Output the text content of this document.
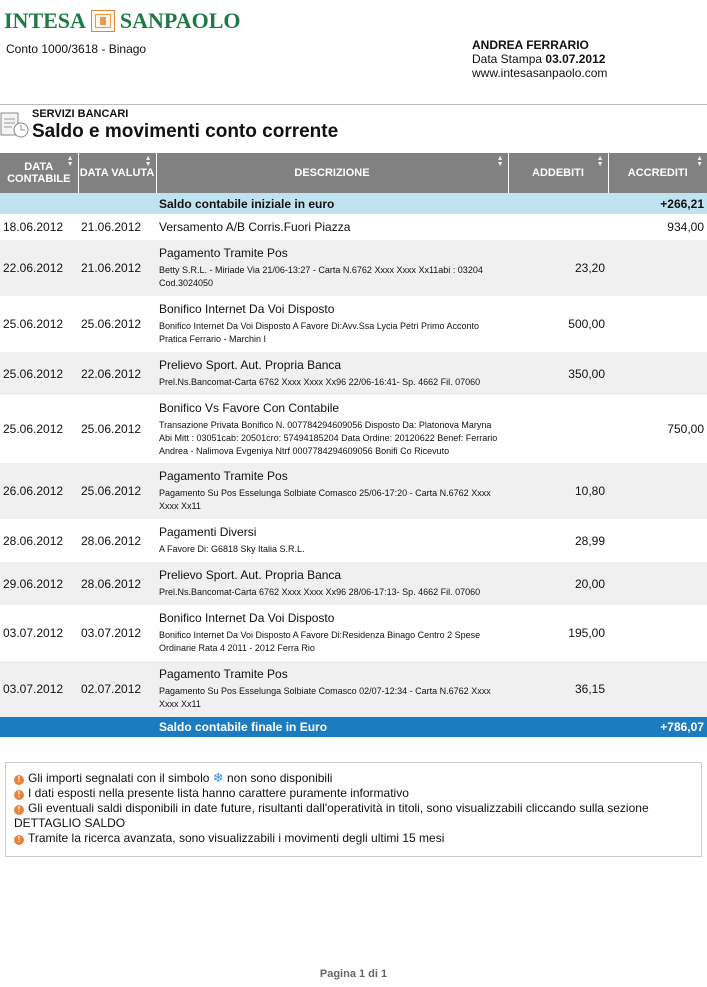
INTESA SANPAOLO
Conto 1000/3618 - Binago	ANDREA FERRARIO
Data Stampa 03.07.2012
www.intesasanpaolo.com
SERVIZI BANCARI
Saldo e movimenti conto corrente
DATA CONTABILE
▲
▼	DATA VALUTA
▲
▼	DESCRIZIONE
▲
▼	ADDEBITI
▲
▼	ACCREDITI
▲
▼

		Saldo contabile iniziale in euro		+266,21
18.06.2012	21.06.2012	Versamento A/B Corris.Fuori Piazza		934,00
22.06.2012	21.06.2012	Pagamento Tramite Pos
Betty S.R.L. - Miriade Via 21/06-13:27 - Carta N.6762 Xxxx Xxxx Xx11abi : 03204 Cod.3024050	23,20	
25.06.2012	25.06.2012	Bonifico Internet Da Voi Disposto
Bonifico Internet Da Voi Disposto A Favore Di:Avv.Ssa Lycia Petri Primo Acconto Pratica Ferrario - Marchin I	500,00	
25.06.2012	22.06.2012	Prelievo Sport. Aut. Propria Banca
Prel.Ns.Bancomat-Carta 6762 Xxxx Xxxx Xx96 22/06-16:41- Sp. 4662 Fil. 07060	350,00	
25.06.2012	25.06.2012	Bonifico Vs Favore Con Contabile
Transazione Privata Bonifico N. 007784294609056 Disposto Da: Platonova Maryna Abi Mitt : 03051cab: 20501cro: 57494185204 Data Ordine: 20120622 Benef: Ferrario Andrea - Nalimova Evgeniya Ntrf 0007784294609056 Bonifi Co Ricevuto		750,00
26.06.2012	25.06.2012	Pagamento Tramite Pos
Pagamento Su Pos Esselunga Solbiate Comasco 25/06-17:20 - Carta N.6762 Xxxx Xxxx Xx11	10,80	
28.06.2012	28.06.2012	Pagamenti Diversi
A Favore Di: G6818 Sky Italia S.R.L.	28,99	
29.06.2012	28.06.2012	Prelievo Sport. Aut. Propria Banca
Prel.Ns.Bancomat-Carta 6762 Xxxx Xxxx Xx96 28/06-17:13- Sp. 4662 Fil. 07060	20,00	
03.07.2012	03.07.2012	Bonifico Internet Da Voi Disposto
Bonifico Internet Da Voi Disposto A Favore Di:Residenza Binago Centro 2 Spese Ordinarie Rata 4 2011 - 2012 Ferra Rio	195,00	
03.07.2012	02.07.2012	Pagamento Tramite Pos
Pagamento Su Pos Esselunga Solbiate Comasco 02/07-12:34 - Carta N.6762 Xxxx Xxxx Xx11	36,15	
		Saldo contabile finale in Euro		+786,07
! Gli importi segnalati con il simbolo ❄ non sono disponibili
! I dati esposti nella presente lista hanno carattere puramente informativo
! Gli eventuali saldi disponibili in date future, risultanti dall'operatività in titoli, sono visualizzabili cliccando sulla sezione DETTAGLIO SALDO
! Tramite la ricerca avanzata, sono visualizzabili i movimenti degli ultimi 15 mesi
Pagina 1 di 1
